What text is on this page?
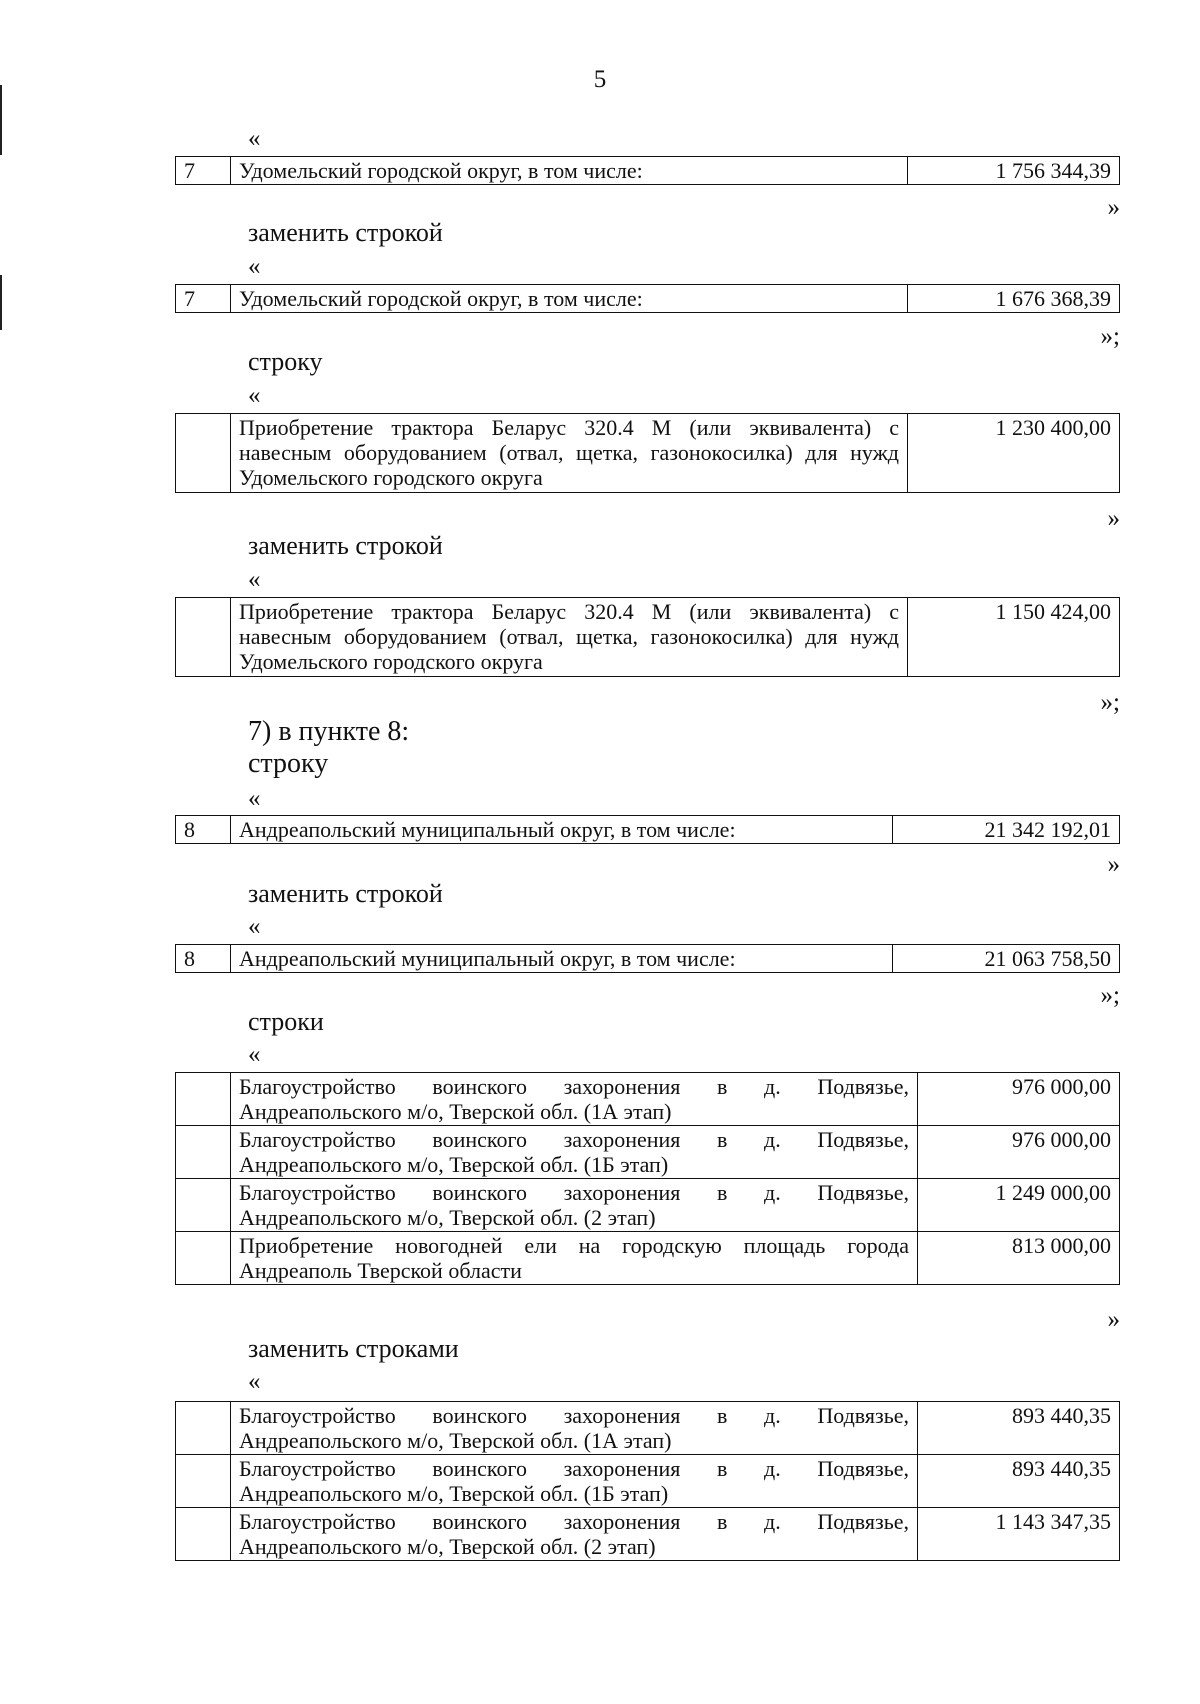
5
«
7	Удомельский городской округ, в том числе:	1 756 344,39
»
заменить строкой
«
7	Удомельский городской округ, в том числе:	1 676 368,39
»;
строку
«
	Приобретение трактора Беларус 320.4 М (или эквивалента) с навесным оборудованием (отвал, щетка, газонокосилка) для нужд Удомельского городского округа	1 230 400,00
»
заменить строкой
«
	Приобретение трактора Беларус 320.4 М (или эквивалента) с навесным оборудованием (отвал, щетка, газонокосилка) для нужд Удомельского городского округа	1 150 424,00
»;
7) в пункте 8:
строку
«
8	Андреапольский муниципальный округ, в том числе:	21 342 192,01
»
заменить строкой
«
8	Андреапольский муниципальный округ, в том числе:	21 063 758,50
»;
строки
«
	Благоустройство воинского захоронения в д. Подвязье, Андреапольского м/о, Тверской обл. (1А этап)	976 000,00
	Благоустройство воинского захоронения в д. Подвязье, Андреапольского м/о, Тверской обл. (1Б этап)	976 000,00
	Благоустройство воинского захоронения в д. Подвязье, Андреапольского м/о, Тверской обл. (2 этап)	1 249 000,00
	Приобретение новогодней ели на городскую площадь города Андреаполь Тверской области	813 000,00
»
заменить строками
«
	Благоустройство воинского захоронения в д. Подвязье, Андреапольского м/о, Тверской обл. (1А этап)	893 440,35
	Благоустройство воинского захоронения в д. Подвязье, Андреапольского м/о, Тверской обл. (1Б этап)	893 440,35
	Благоустройство воинского захоронения в д. Подвязье, Андреапольского м/о, Тверской обл. (2 этап)	1 143 347,35
